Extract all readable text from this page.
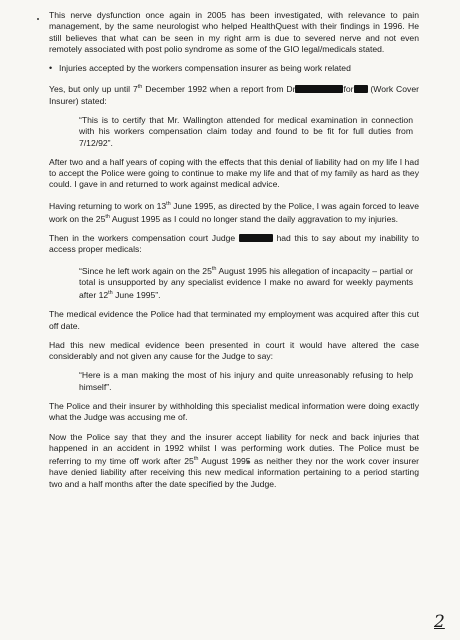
This nerve dysfunction once again in 2005 has been investigated, with relevance to pain management, by the same neurologist who helped HealthQuest with their findings in 1996. He still believes that what can be seen in my right arm is due to severed nerve and not even remotely associated with post polio syndrome as some of the GIO legal/medicals stated.

• Injuries accepted by the workers compensation insurer as being work related

Yes, but only up until 7th December 1992 when a report from Dr	for (Work Cover Insurer) stated:

“This is to certify that Mr. Wallington attended for medical examination in connection with his workers compensation claim today and found to be fit for full duties from 7/12/92”.

After two and a half years of coping with the effects that this denial of liability had on my life I had to accept the Police were going to continue to make my life and that of my family as hard as they could. I gave in and returned to work against medical advice.

Having returning to work on 13th June 1995, as directed by the Police, I was again forced to leave work on the 25th August 1995 as I could no longer stand the daily aggravation to my injuries.

Then in the workers compensation court Judge	had this to say about my inability to access proper medicals:

“Since he left work again on the 25th August 1995 his allegation of incapacity – partial or total is unsupported by any specialist evidence I make no award for weekly payments after 12th June 1995”.

The medical evidence the Police had that terminated my employment was acquired after this cut off date.

Had this new medical evidence been presented in court it would have altered the case considerably and not given any cause for the Judge to say:

“Here is a man making the most of his injury and quite unreasonably refusing to help himself”.

The Police and their insurer by withholding this specialist medical information were doing exactly what the Judge was accusing me of.

Now the Police say that they and the insurer accept liability for neck and back injuries that happened in an accident in 1992 whilst I was performing work duties. The Police must be referring to my time off work after 25th August 1995 as neither they nor the work cover insurer have denied liability after receiving this new medical information pertaining to a period starting two and a half months after the date specified by the Judge.

2
